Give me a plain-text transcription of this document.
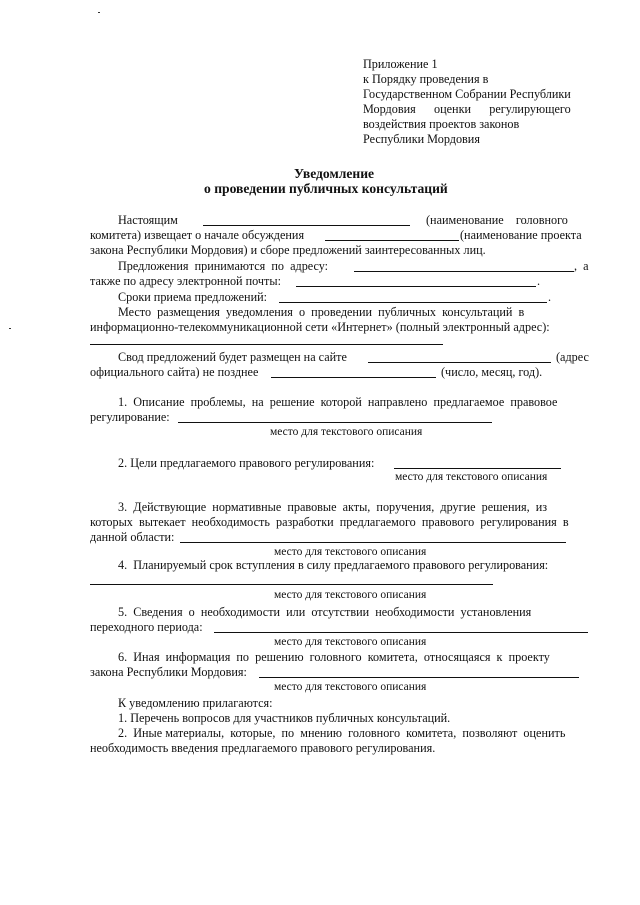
Приложение 1
к Порядку проведения в
Государственном Собрании Республики
Мордовия      оценки      регулирующего
воздействия проектов законов
Республики Мордовия
Уведомление
о проведении публичных консультаций
Настоящим	(наименование    головного
комитета) извещает о начале обсуждения	(наименование проекта
закона Республики Мордовия) и сборе предложений заинтересованных лиц.
Предложения  принимаются  по  адресу:	,  а
также по адресу электронной почты:	.
Сроки приема предложений:	.
Место  размещения  уведомления  о  проведении  публичных  консультаций  в
информационно-телекоммуникационной сети «Интернет» (полный электронный адрес):
Свод предложений будет размещен на сайте	(адрес
официального сайта) не позднее	(число, месяц, год).
1.  Описание  проблемы,  на  решение  которой  направлено  предлагаемое  правовое
регулирование:
место для текстового описания
2. Цели предлагаемого правового регулирования:
место для текстового описания
3.  Действующие  нормативные  правовые  акты,  поручения,  другие  решения,  из
которых  вытекает  необходимость  разработки  предлагаемого  правового  регулирования  в
данной области:
место для текстового описания
4.  Планируемый срок вступления в силу предлагаемого правового регулирования:
место для текстового описания
5.  Сведения  о  необходимости  или  отсутствии  необходимости  установления
переходного периода:
место для текстового описания
6.  Иная  информация  по  решению  головного  комитета,  относящаяся  к  проекту
закона Республики Мордовия:
место для текстового описания
К уведомлению прилагаются:
1. Перечень вопросов для участников публичных консультаций.
2.  Иные материалы,  которые,  по  мнению  головного  комитета,  позволяют  оценить
необходимость введения предлагаемого правового регулирования.
